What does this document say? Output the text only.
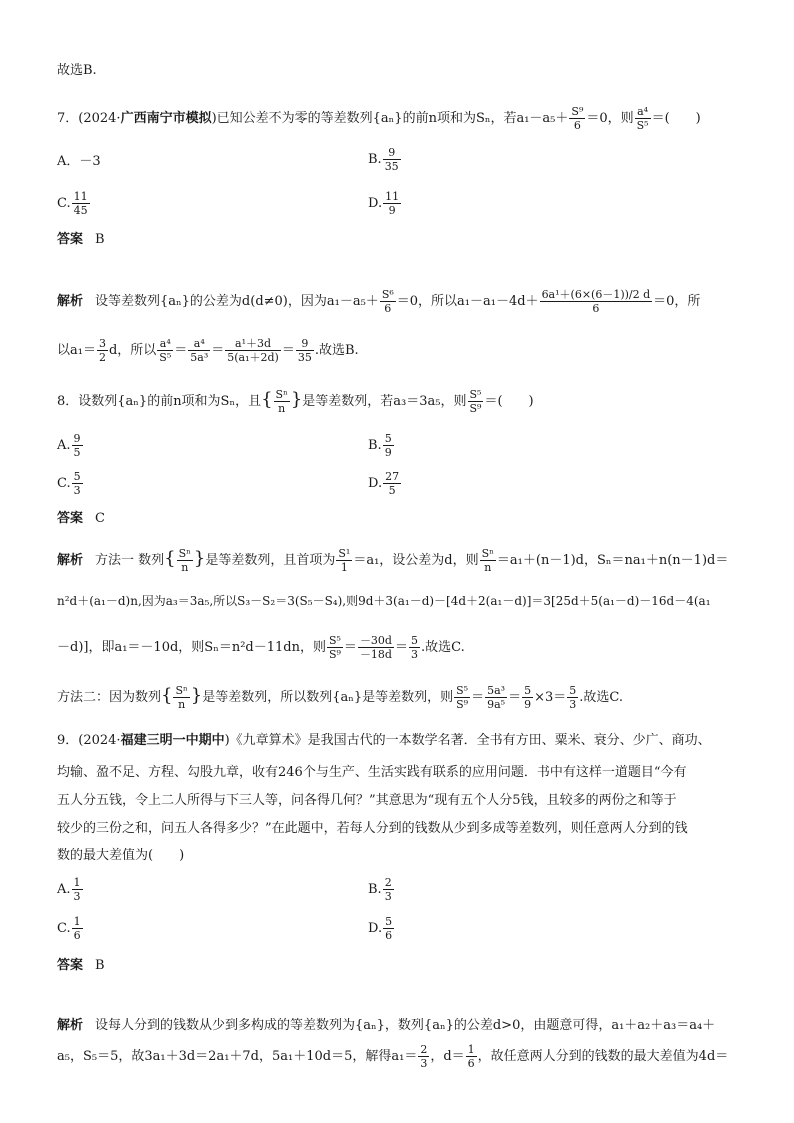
故选B.
7．(2024·广西南宁市模拟)已知公差不为零的等差数列{aₙ}的前n项和为Sₙ，若$a_1-a_5+ \frac{\text{S⁹}}{6} =0$，则 $\frac{\text{a⁴}}{\text{S⁵}}$ ＝(　　)
A．－3	B. $\frac{9}{35}$
C. $\frac{11}{45}$	D. $\frac{11}{9}$
答案 B
解析 设等差数列{aₙ}的公差为d(d≠0)，因为$a_1-a_5+ \frac{\text{S⁶}}{6} =0$，所以$a_1-a_1-4d+ \frac{\text{6a¹＋(6×(6－1))/2 d}}{6} =0$，所
以$a_1= \frac{3}{2}$ d，所以 $\frac{\text{a⁴}}{\text{S⁵}} = \frac{\text{a⁴}}{\text{5a³}} = \frac{\text{a¹＋3d}}{\text{5(a₁＋2d)}} = \frac{9}{35}$ .故选B.
8．设数列{aₙ}的前n项和为Sₙ，且{ $\frac{\text{Sⁿ}}{n}$ }是等差数列，若a₃＝3a₅，则 $\frac{\text{S⁵}}{\text{S⁹}}$ ＝(　　)
A. $\frac{9}{5}$	B. $\frac{5}{9}$
C. $\frac{5}{3}$	D. $\frac{27}{5}$
答案 C
解析 方法一 数列{ $\frac{\text{Sⁿ}}{n}$ }是等差数列，且首项为 $\frac{\text{S¹}}{1} =a_1$，设公差为d，则 $\frac{\text{Sⁿ}}{n} =a_1+(n-1)d$，Sₙ＝na₁＋n(n－1)d＝
n²d＋(a₁－d)n,因为a₃＝3a₅,所以S₃－S₂＝3(S₅－S₄),则9d＋3(a₁－d)－[4d＋2(a₁－d)]＝3[25d＋5(a₁－d)－16d－4(a₁
－d)]，即a₁＝－10d，则Sₙ＝n²d－11dn，则 $\frac{\text{S⁵}}{\text{S⁹}} = \frac{-30d}{-18d} = \frac{5}{3}$ .故选C.
方法二：因为数列{ $\frac{\text{Sⁿ}}{n}$ }是等差数列，所以数列{aₙ}是等差数列，则 $\frac{\text{S⁵}}{\text{S⁹}} = \frac{\text{5a³}}{\text{9a⁵}} = \frac{5}{9} \times 3= \frac{5}{3}$ .故选C.
9．(2024·福建三明一中期中)《九章算术》是我国古代的一本数学名著．全书有方田、粟米、衰分、少广、商功、
均输、盈不足、方程、勾股九章，收有246个与生产、生活实践有联系的应用问题．书中有这样一道题目“今有
五人分五钱，令上二人所得与下三人等，问各得几何？”其意思为“现有五个人分5钱，且较多的两份之和等于
较少的三份之和，问五人各得多少？”在此题中，若每人分到的钱数从少到多成等差数列，则任意两人分到的钱
数的最大差值为(　　)
A. $\frac{1}{3}$	B. $\frac{2}{3}$
C. $\frac{1}{6}$	D. $\frac{5}{6}$
答案 B
解析 设每人分到的钱数从少到多构成的等差数列为{aₙ}，数列{aₙ}的公差d>0，由题意可得，a₁＋a₂＋a₃＝a₄＋
a₅，S₅＝5，故3a₁＋3d＝2a₁＋7d，5a₁＋10d＝5，解得$a_1= \frac{2}{3}$ ，$d= \frac{1}{6}$ ，故任意两人分到的钱数的最大差值为4d＝
